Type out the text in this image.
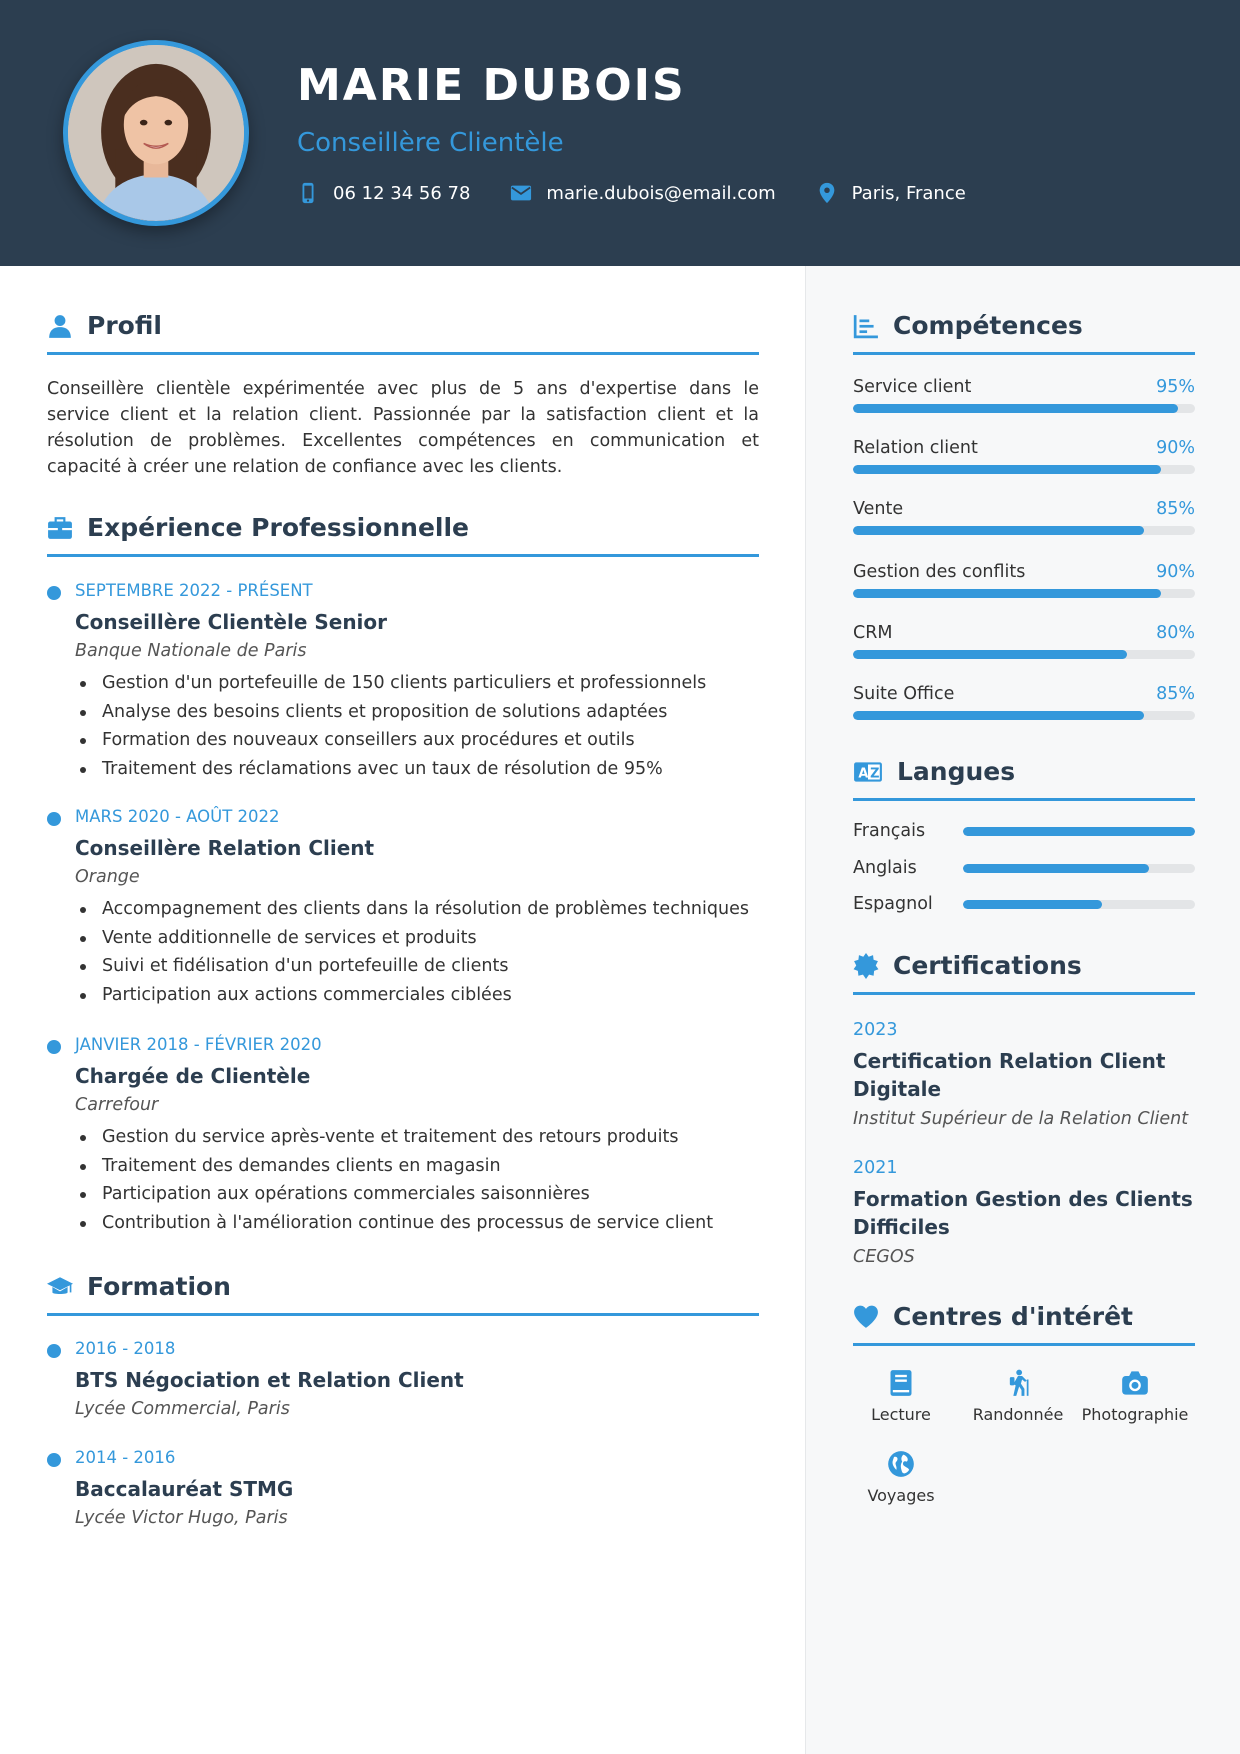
MARIE DUBOIS
Conseillère Clientèle
06 12 34 56 78	marie.dubois@email.com	Paris, France
Profil

Conseillère clientèle expérimentée avec plus de 5 ans d'expertise dans le service client et la relation client. Passionnée par la satisfaction client et la résolution de problèmes. Excellentes compétences en communication et capacité à créer une relation de confiance avec les clients.

Expérience Professionnelle
SEPTEMBRE 2022 - PRÉSENT
Conseillère Clientèle Senior
Banque Nationale de Paris
Gestion d'un portefeuille de 150 clients particuliers et professionnels
Analyse des besoins clients et proposition de solutions adaptées
Formation des nouveaux conseillers aux procédures et outils
Traitement des réclamations avec un taux de résolution de 95%
MARS 2020 - AOÛT 2022
Conseillère Relation Client
Orange
Accompagnement des clients dans la résolution de problèmes techniques
Vente additionnelle de services et produits
Suivi et fidélisation d'un portefeuille de clients
Participation aux actions commerciales ciblées
JANVIER 2018 - FÉVRIER 2020
Chargée de Clientèle
Carrefour
Gestion du service après-vente et traitement des retours produits
Traitement des demandes clients en magasin
Participation aux opérations commerciales saisonnières
Contribution à l'amélioration continue des processus de service client
Formation
2016 - 2018
BTS Négociation et Relation Client
Lycée Commercial, Paris
2014 - 2016
Baccalauréat STMG
Lycée Victor Hugo, Paris
Compétences
Service client	95%
Relation client	90%
Vente	85%
Gestion des conflits	90%
CRM	80%
Suite Office	85%
A Z Langues
Français
Anglais
Espagnol
Certifications
2023
Certification Relation Client Digitale
Institut Supérieur de la Relation Client
2021
Formation Gestion des Clients Difficiles
CEGOS
Centres d'intérêt
Lecture	Randonnée	Photographie
Voyages
